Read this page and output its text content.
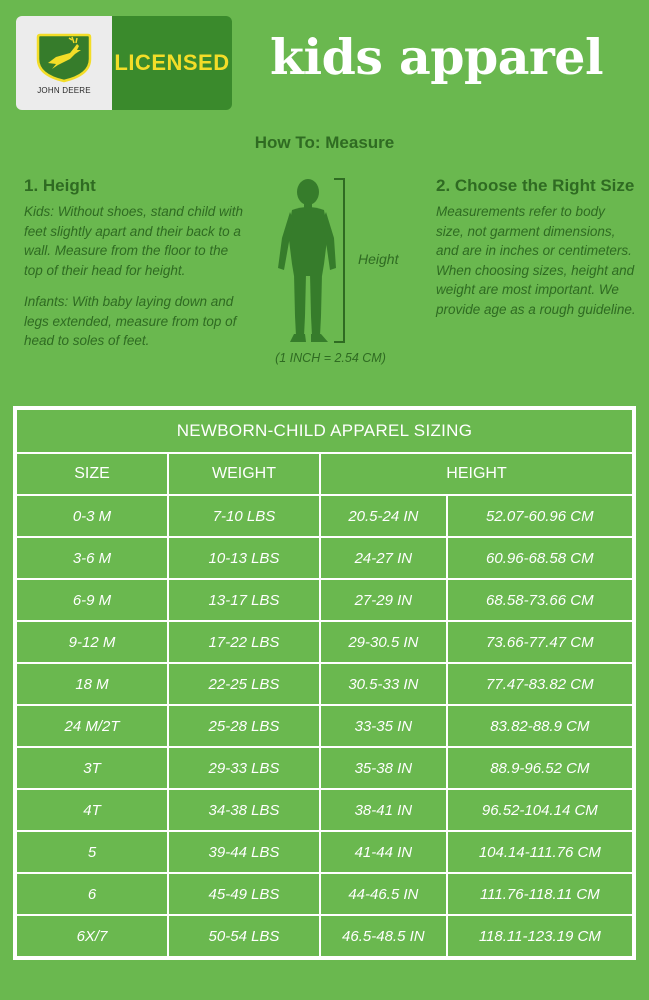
JOHN DEERE
LICENSED kids apparel
How To: Measure
1. Height
Kids: Without shoes, stand child with feet slightly apart and their back to a wall. Measure from the floor to the top of their head for height.
Infants: With baby laying down and legs extended, measure from top of head to soles of feet.
Height
(1 INCH = 2.54 CM)
2. Choose the Right Size
Measurements refer to body size, not garment dimensions, and are in inches or centimeters. When choosing sizes, height and weight are most important. We provide age as a rough guideline.
NEWBORN-CHILD APPAREL SIZING			
SIZE	WEIGHT	HEIGHT	
0-3 M	7-10 LBS	20.5-24 IN	52.07-60.96 CM
3-6 M	10-13 LBS	24-27 IN	60.96-68.58 CM
6-9 M	13-17 LBS	27-29 IN	68.58-73.66 CM
9-12 M	17-22 LBS	29-30.5 IN	73.66-77.47 CM
18 M	22-25 LBS	30.5-33 IN	77.47-83.82 CM
24 M/2T	25-28 LBS	33-35 IN	83.82-88.9 CM
3T	29-33 LBS	35-38 IN	88.9-96.52 CM
4T	34-38 LBS	38-41 IN	96.52-104.14 CM
5	39-44 LBS	41-44 IN	104.14-111.76 CM
6	45-49 LBS	44-46.5 IN	111.76-118.11 CM
6X/7	50-54 LBS	46.5-48.5 IN	118.11-123.19 CM
